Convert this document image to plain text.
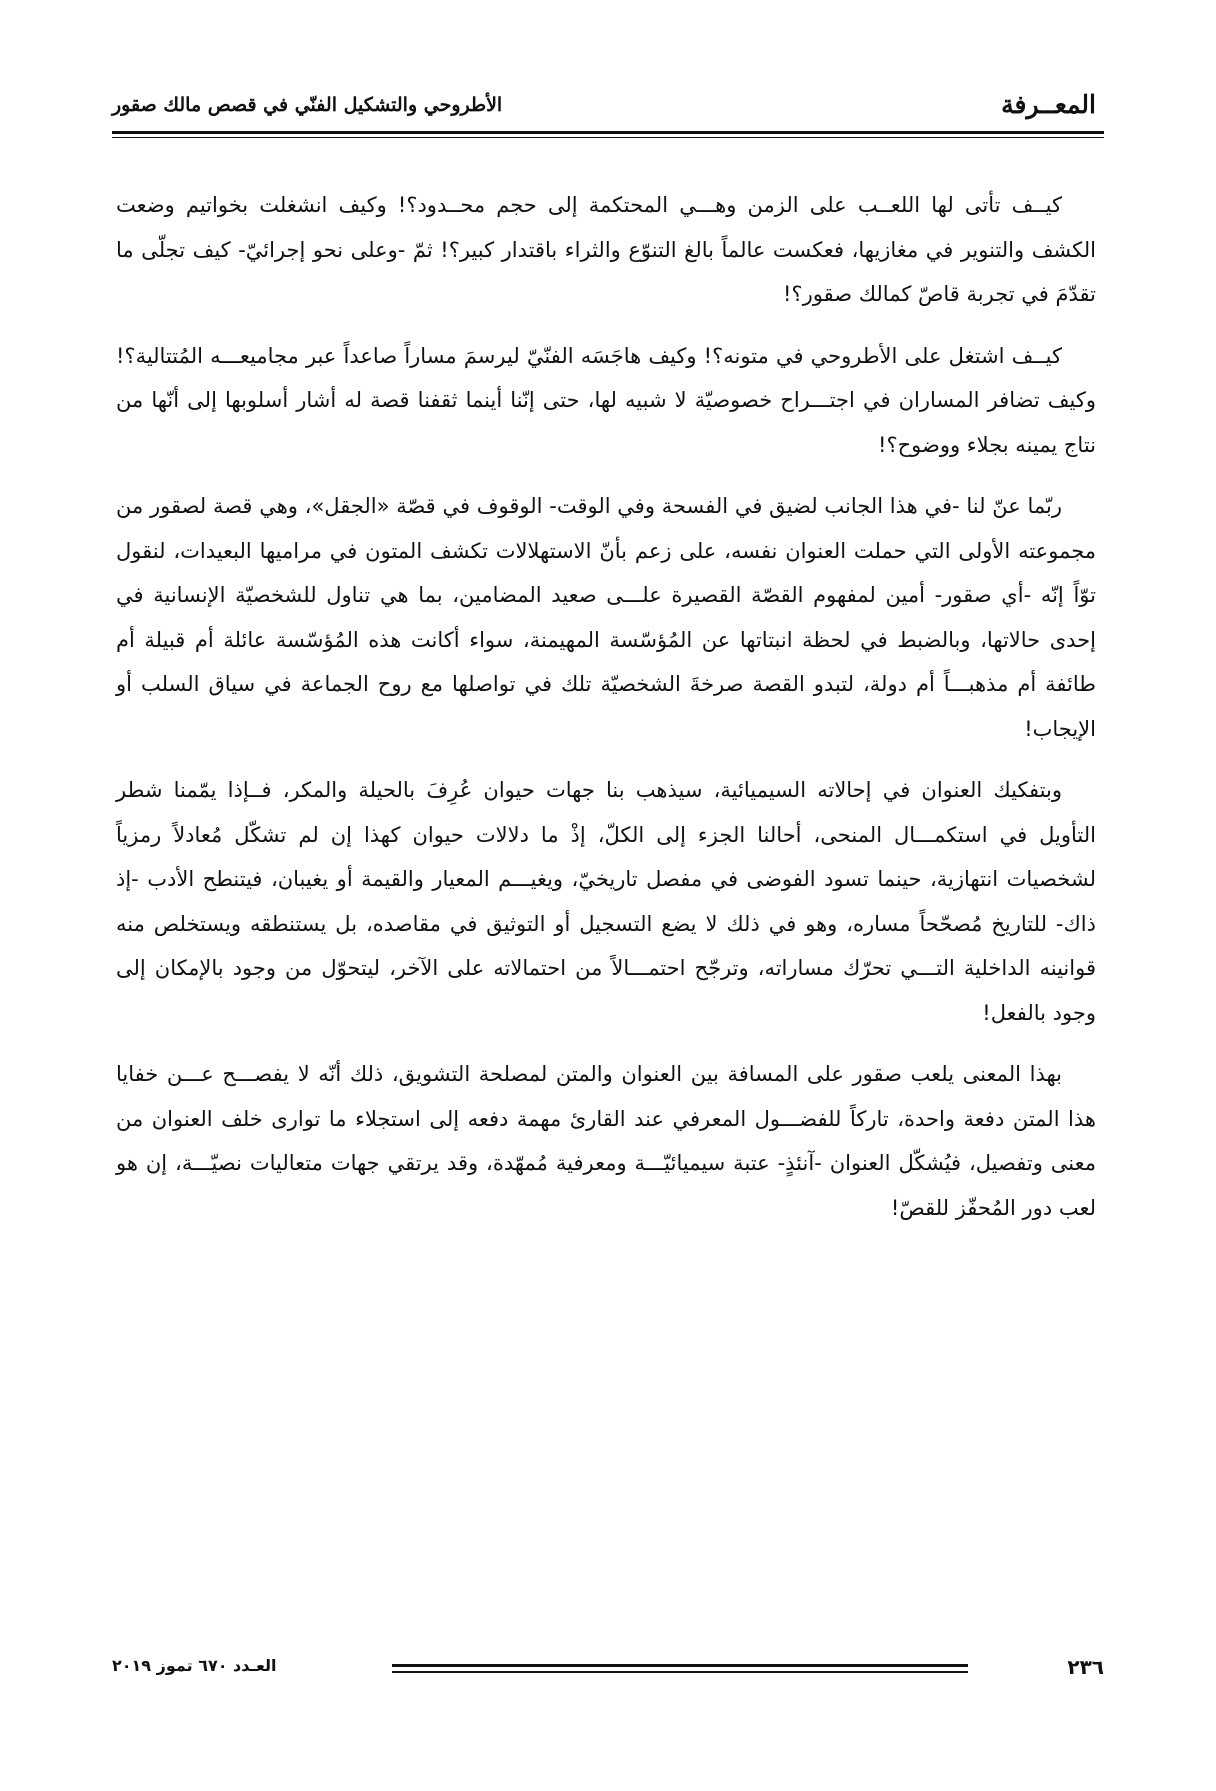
المعــرفة
الأطروحي والتشكيل الفنّي في قصص مالك صقور

كيــف تأتى لها اللعــب على الزمن وهـــي المحتكمة إلى حجم محــدود؟! وكيف انشغلت بخواتيم وضعت الكشف والتنوير في مغازيها، فعكست عالماً بالغ التنوّع والثراء باقتدار كبير؟! ثمّ -وعلى نحو إجرائيّ- كيف تجلّى ما تقدّمَ في تجربة قاصّ كمالك صقور؟!

كيــف اشتغل على الأطروحي في متونه؟! وكيف هاجَسَه الفنّيّ ليرسمَ مساراً صاعداً عبر مجاميعـــه المُتتالية؟! وكيف تضافر المساران في اجتـــراح خصوصيّة لا شبيه لها، حتى إنّنا أينما ثقفنا قصة له أشار أسلوبها إلى أنّها من نتاج يمينه بجلاء ووضوح؟!

ربّما عنّ لنا -في هذا الجانب لضيق في الفسحة وفي الوقت- الوقوف في قصّة «الجقل»، وهي قصة لصقور من مجموعته الأولى التي حملت العنوان نفسه، على زعم بأنّ الاستهلالات تكشف المتون في مراميها البعيدات، لنقول توّاً إنّه -أي صقور- أمين لمفهوم القصّة القصيرة علـــى صعيد المضامين، بما هي تناول للشخصيّة الإنسانية في إحدى حالاتها، وبالضبط في لحظة انبتاتها عن المُؤسّسة المهيمنة، سواء أكانت هذه المُؤسّسة عائلة أم قبيلة أم طائفة أم مذهبـــاً أم دولة، لتبدو القصة صرخةَ الشخصيّة تلك في تواصلها مع روح الجماعة في سياق السلب أو الإيجاب!

وبتفكيك العنوان في إحالاته السيميائية، سيذهب بنا جهات حيوان عُرِفَ بالحيلة والمكر، فــإذا يمّمنا شطر التأويل في استكمـــال المنحى، أحالنا الجزء إلى الكلّ، إذْ ما دلالات حيوان كهذا إن لم تشكّل مُعادلاً رمزياً لشخصيات انتهازية، حينما تسود الفوضى في مفصل تاريخيّ، ويغيـــم المعيار والقيمة أو يغيبان، فيتنطح الأدب -إذ ذاك- للتاريخ مُصحّحاً مساره، وهو في ذلك لا يضع التسجيل أو التوثيق في مقاصده، بل يستنطقه ويستخلص منه قوانينه الداخلية التـــي تحرّك مساراته، وترجّح احتمـــالاً من احتمالاته على الآخر، ليتحوّل من وجود بالإمكان إلى وجود بالفعل!

بهذا المعنى يلعب صقور على المسافة بين العنوان والمتن لمصلحة التشويق، ذلك أنّه لا يفصـــح عـــن خفايا هذا المتن دفعة واحدة، تاركاً للفضـــول المعرفي عند القارئ مهمة دفعه إلى استجلاء ما توارى خلف العنوان من معنى وتفصيل، فيُشكّل العنوان -آنئذٍ- عتبة سيميائيّـــة ومعرفية مُمهّدة، وقد يرتقي جهات متعاليات نصيّـــة، إن هو لعب دور المُحفّز للقصّ!

٢٣٦
العـدد ٦٧٠ تموز ٢٠١٩
